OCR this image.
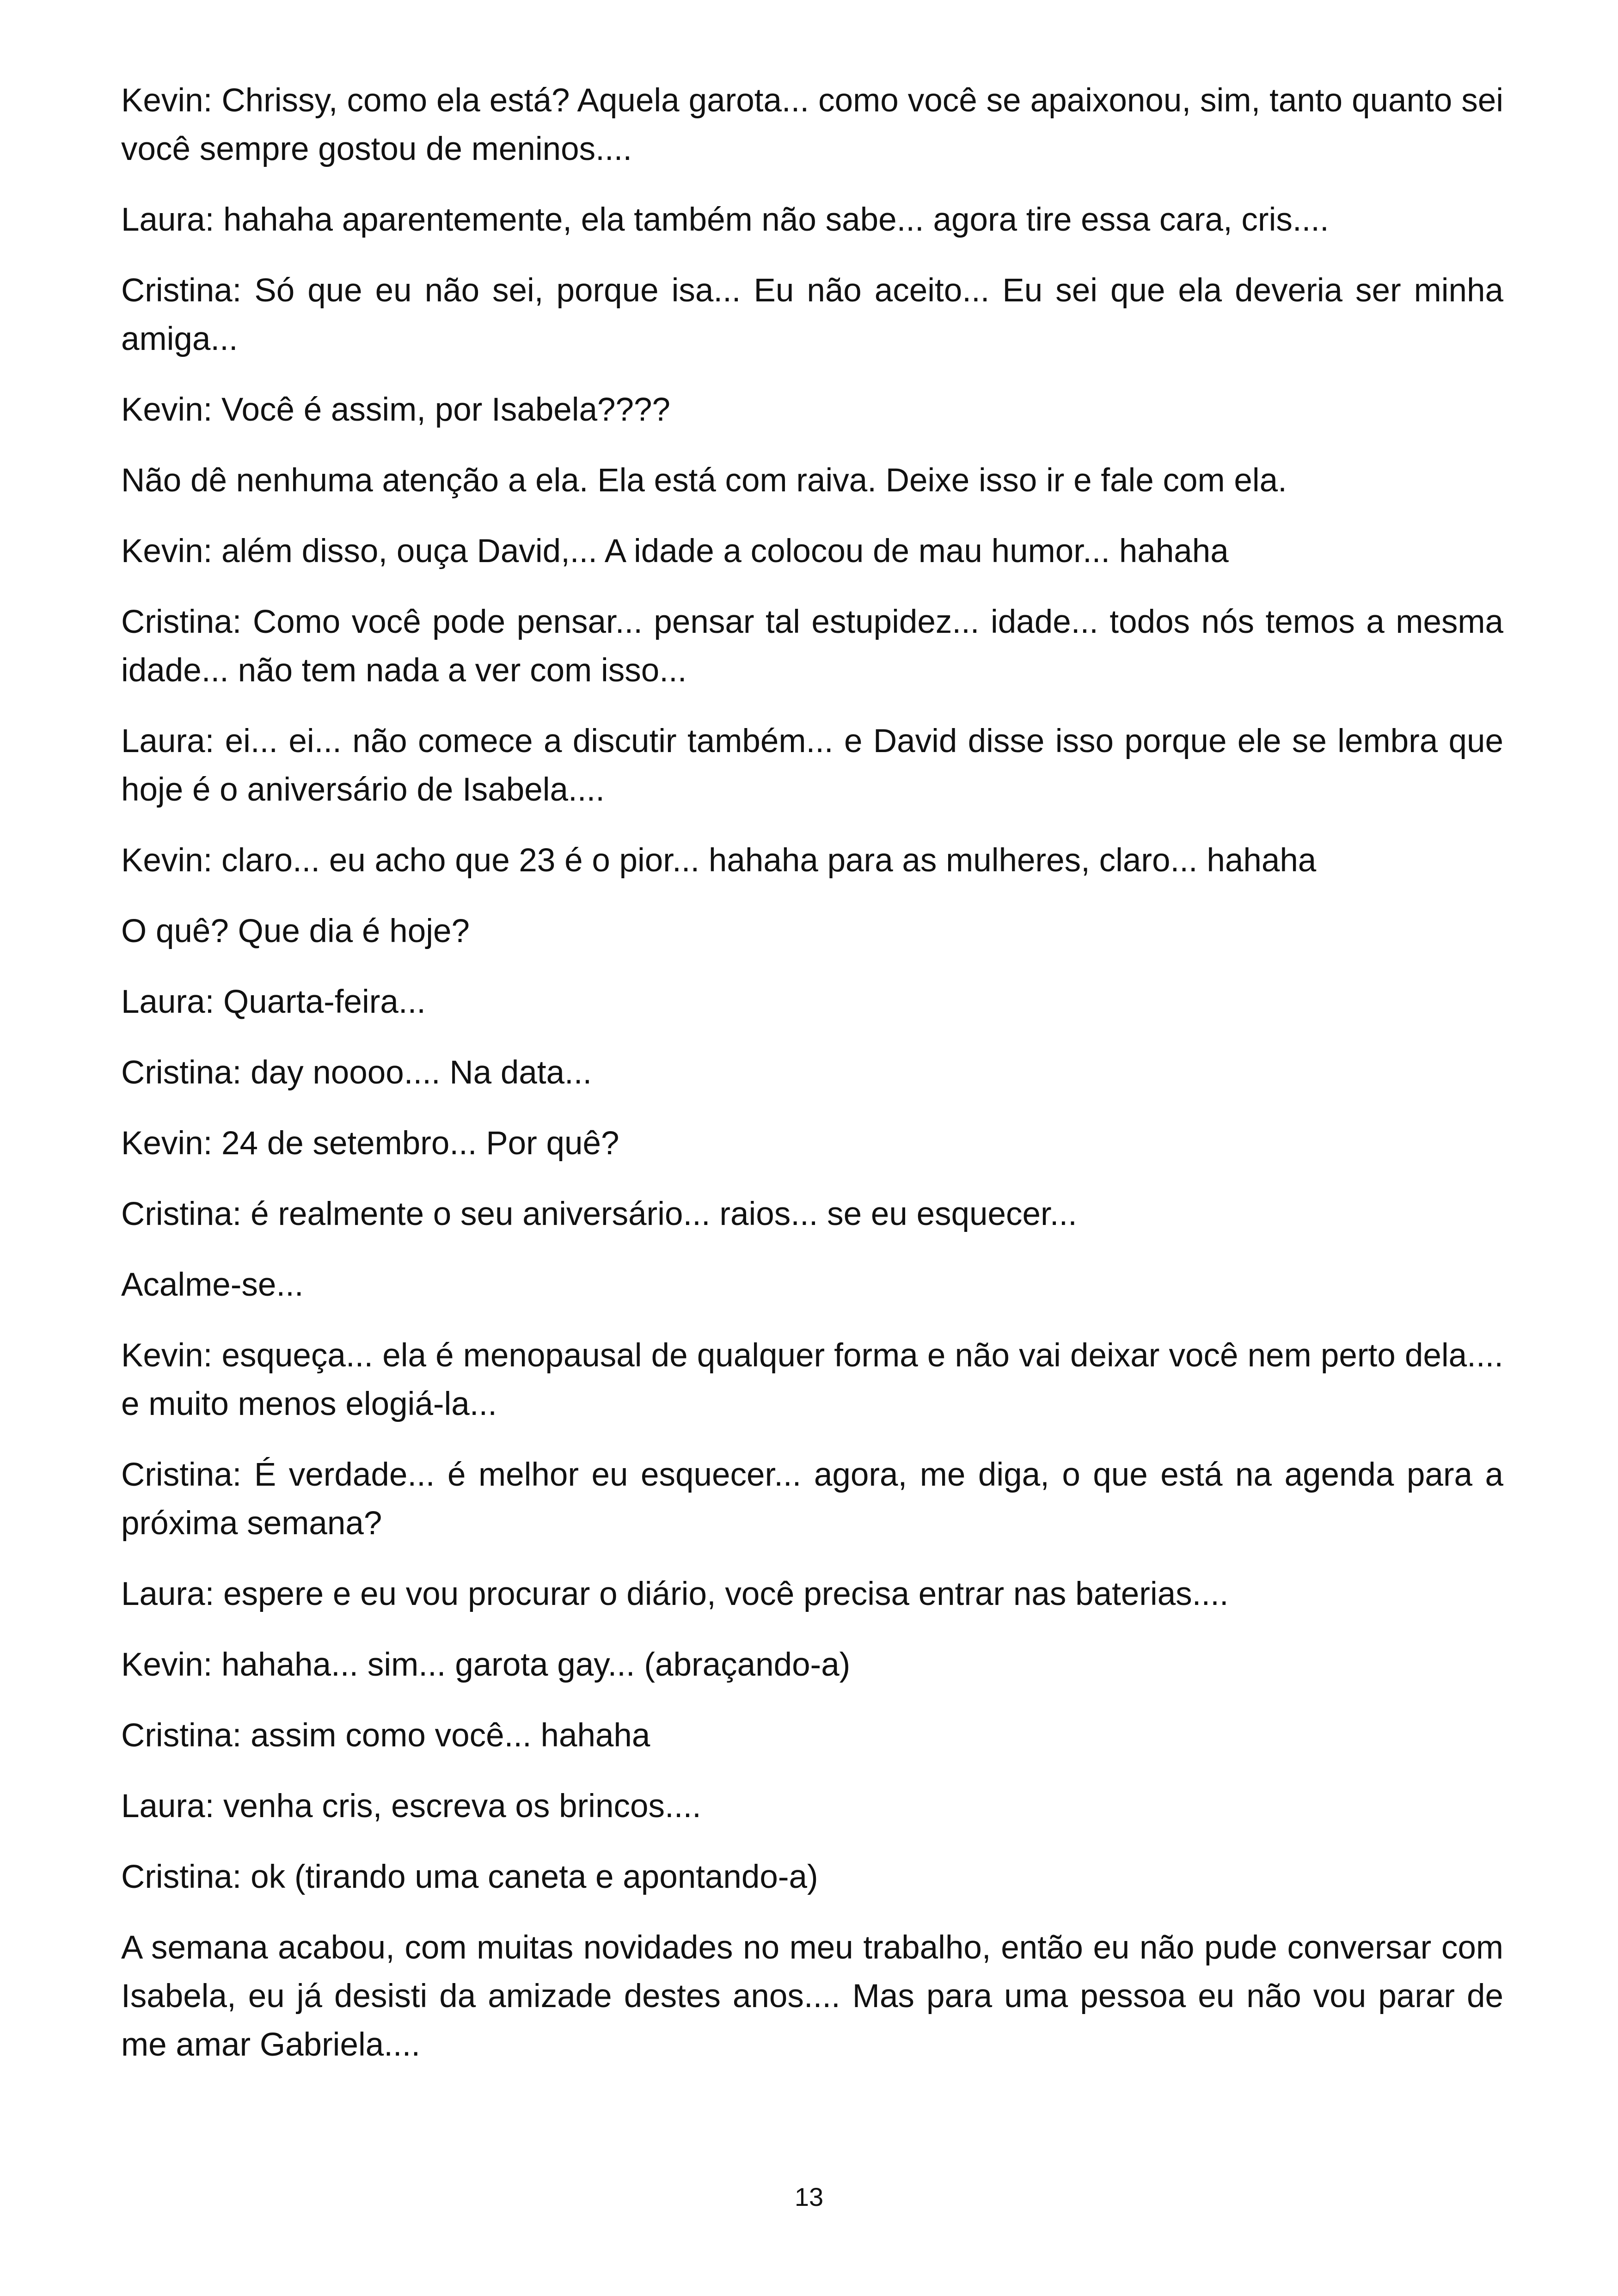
Kevin: Chrissy, como ela está? Aquela garota... como você se apaixonou, sim, tanto quanto sei você sempre gostou de meninos....

Laura: hahaha aparentemente, ela também não sabe... agora tire essa cara, cris....

Cristina: Só que eu não sei, porque isa... Eu não aceito... Eu sei que ela deveria ser minha amiga...

Kevin: Você é assim, por Isabela????

Não dê nenhuma atenção a ela. Ela está com raiva. Deixe isso ir e fale com ela.

Kevin: além disso, ouça David,... A idade a colocou de mau humor... hahaha

Cristina: Como você pode pensar... pensar tal estupidez... idade... todos nós temos a mesma idade... não tem nada a ver com isso...

Laura: ei... ei... não comece a discutir também... e David disse isso porque ele se lembra que hoje é o aniversário de Isabela....

Kevin: claro... eu acho que 23 é o pior... hahaha para as mulheres, claro... hahaha

O quê? Que dia é hoje?

Laura: Quarta-feira...

Cristina: day noooo.... Na data...

Kevin: 24 de setembro... Por quê?

Cristina: é realmente o seu aniversário... raios... se eu esquecer...

Acalme-se...

Kevin: esqueça... ela é menopausal de qualquer forma e não vai deixar você nem perto dela.... e muito menos elogiá-la...

Cristina: É verdade... é melhor eu esquecer... agora, me diga, o que está na agenda para a próxima semana?

Laura: espere e eu vou procurar o diário, você precisa entrar nas baterias....

Kevin: hahaha... sim... garota gay... (abraçando-a)

Cristina: assim como você... hahaha

Laura: venha cris, escreva os brincos....

Cristina: ok (tirando uma caneta e apontando-a)

A semana acabou, com muitas novidades no meu trabalho, então eu não pude conversar com Isabela, eu já desisti da amizade destes anos.... Mas para uma pessoa eu não vou parar de me amar Gabriela....

13
